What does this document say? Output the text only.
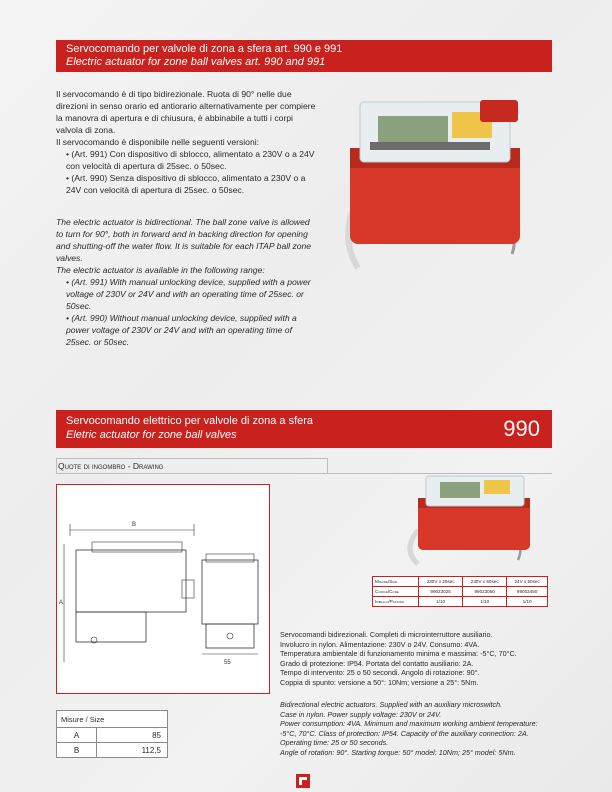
Servocomando per valvole di zona a sfera art. 990 e 991
Electric actuator for zone ball valves art. 990 and 991

Il servocomando è di tipo bidirezionale. Ruota di 90° nelle due direzioni in senso orario ed antiorario alternativamente per compiere la manovra di apertura e di chiusura, è abbinabile a tutti i corpi valvola di zona.

Il servocomando è disponibile nelle seguenti versioni:

• (Art. 991) Con dispositivo di sblocco, alimentato a 230V o a 24V con velocità di apertura di 25sec. o 50sec.

• (Art. 990) Senza dispositivo di sblocco, alimentato a 230V o a 24V con velocità di apertura di 25sec. o 50sec.

The electric actuator is bidirectional. The ball zone valve is allowed to turn for 90°, both in forward and in backing direction for opening and shutting-off the water flow. It is suitable for each ITAP ball zone valves.

The electric actuator is available in the following range:

• (Art. 991) With manual unlocking device, supplied with a power voltage of 230V or 24V and with an operating time of 25sec. or 50sec.

• (Art. 990) Without manual unlocking device, supplied with a power voltage of 230V or 24V and with an operating time of 25sec. or 50sec.

Servocomando elettrico per valvole di zona a sfera
Eletric actuator for zone ball valves	990
Quote di ingombro - Drawing
B
A
55
Misure / Size	
A	85
B	112,5
Misure/Size	230V x 25sec	230V x 50sec	24V x 50sec
Codice/Code	99023025	99023050	99002450
Imballo/Packing	1/10	1/10	1/10

Servocomandi bidirezionali. Completi di microinterruttore ausiliario.

Involucro in nylon. Alimentazione: 230V o 24V. Consumo: 4VA.

Temperatura ambientale di funzionamento minima e massima: -5°C, 70°C.

Grado di protezione: IP54. Portata del contatto ausiliario: 2A.

Tempo di intervento: 25 o 50 secondi. Angolo di rotazione: 90°.

Coppia di spunto: versione a 50°: 10Nm; versione a 25°: 5Nm.

Bidirectional electric actuators. Supplied with an auxiliary microswitch.

Case in nylon. Power supply voltage: 230V or 24V.

Power consumption: 4VA. Minimum and maximum working ambient temperature: -5°C, 70°C. Class of protection: IP54. Capacity of the auxiliary connection: 2A. Operating time: 25 or 50 seconds.

Angle of rotation: 90°. Starting torque: 50° model: 10Nm; 25° model: 5Nm.
